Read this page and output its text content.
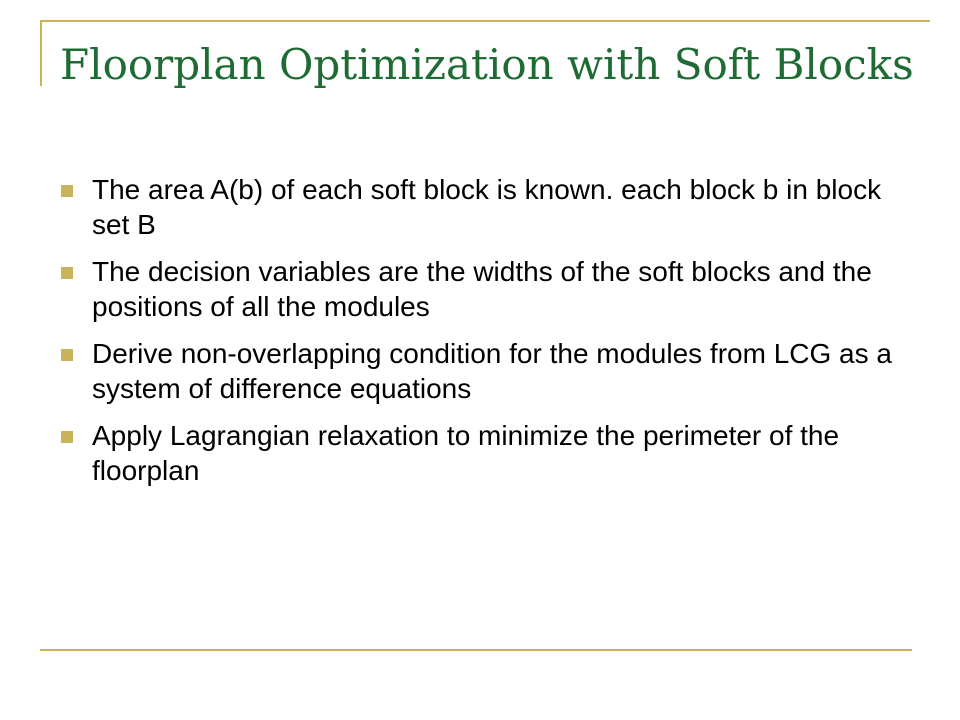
Floorplan Optimization with Soft Blocks
The area A(b) of each soft block is known. each block b in block set B
The decision variables are the widths of the soft blocks and the positions of all the modules
Derive non-overlapping condition for the modules from LCG as a system of difference equations
Apply Lagrangian relaxation to minimize the perimeter of the floorplan
